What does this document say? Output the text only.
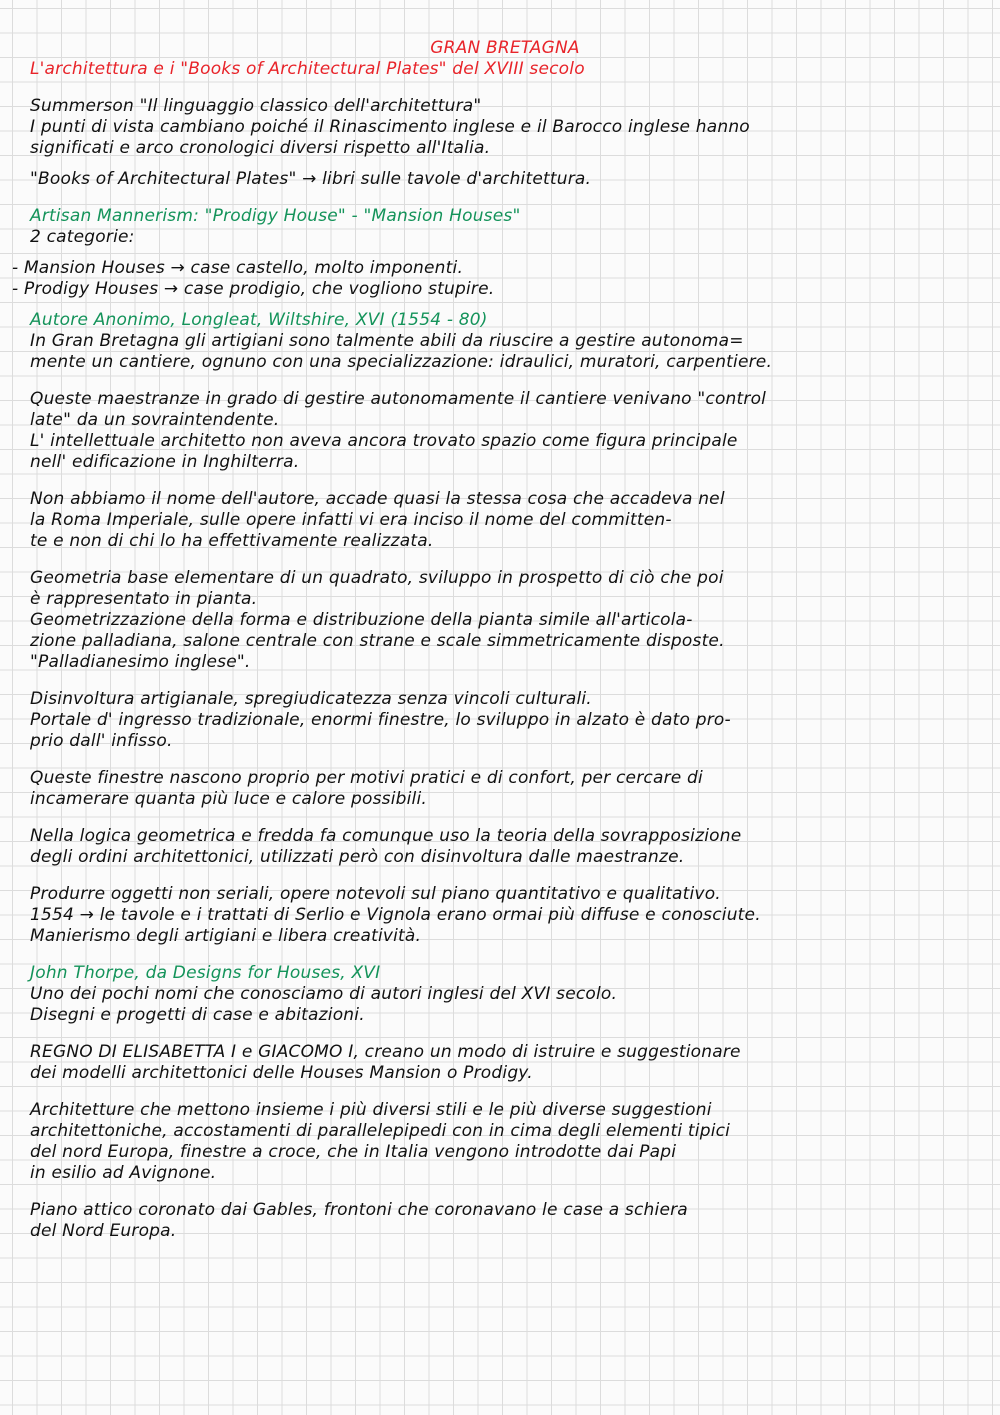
GRAN BRETAGNA
L'architettura e i "Books of Architectural Plates" del XVIII secolo
Summerson "Il linguaggio classico dell'architettura"
I punti di vista cambiano poiché il Rinascimento inglese e il Barocco inglese hanno
significati e arco cronologici diversi rispetto all'Italia.
"Books of Architectural Plates" → libri sulle tavole d'architettura.
Artisan Mannerism: "Prodigy House" - "Mansion Houses"
2 categorie:
- Mansion Houses → case castello, molto imponenti.
- Prodigy Houses → case prodigio, che vogliono stupire.
Autore Anonimo, Longleat, Wiltshire, XVI (1554 - 80)
In Gran Bretagna gli artigiani sono talmente abili da riuscire a gestire autonoma=
mente un cantiere, ognuno con una specializzazione: idraulici, muratori, carpentiere.
Queste maestranze in grado di gestire autonomamente il cantiere venivano "control
late" da un sovraintendente.
L' intellettuale architetto non aveva ancora trovato spazio come figura principale
nell' edificazione in Inghilterra.
Non abbiamo il nome dell'autore, accade quasi la stessa cosa che accadeva nel
la Roma Imperiale, sulle opere infatti vi era inciso il nome del committen-
te e non di chi lo ha effettivamente realizzata.
Geometria base elementare di un quadrato, sviluppo in prospetto di ciò che poi
è rappresentato in pianta.
Geometrizzazione della forma e distribuzione della pianta simile all'articola-
zione palladiana, salone centrale con strane e scale simmetricamente disposte.
"Palladianesimo inglese".
Disinvoltura artigianale, spregiudicatezza senza vincoli culturali.
Portale d' ingresso tradizionale, enormi finestre, lo sviluppo in alzato è dato pro-
prio dall' infisso.
Queste finestre nascono proprio per motivi pratici e di confort, per cercare di
incamerare quanta più luce e calore possibili.
Nella logica geometrica e fredda fa comunque uso la teoria della sovrapposizione
degli ordini architettonici, utilizzati però con disinvoltura dalle maestranze.
Produrre oggetti non seriali, opere notevoli sul piano quantitativo e qualitativo.
1554 → le tavole e i trattati di Serlio e Vignola erano ormai più diffuse e conosciute.
Manierismo degli artigiani e libera creatività.
John Thorpe, da Designs for Houses, XVI
Uno dei pochi nomi che conosciamo di autori inglesi del XVI secolo.
Disegni e progetti di case e abitazioni.
REGNO DI ELISABETTA I e GIACOMO I, creano un modo di istruire e suggestionare
dei modelli architettonici delle Houses Mansion o Prodigy.
Architetture che mettono insieme i più diversi stili e le più diverse suggestioni
architettoniche, accostamenti di parallelepipedi con in cima degli elementi tipici
del nord Europa, finestre a croce, che in Italia vengono introdotte dai Papi
in esilio ad Avignone.
Piano attico coronato dai Gables, frontoni che coronavano le case a schiera
del Nord Europa.
